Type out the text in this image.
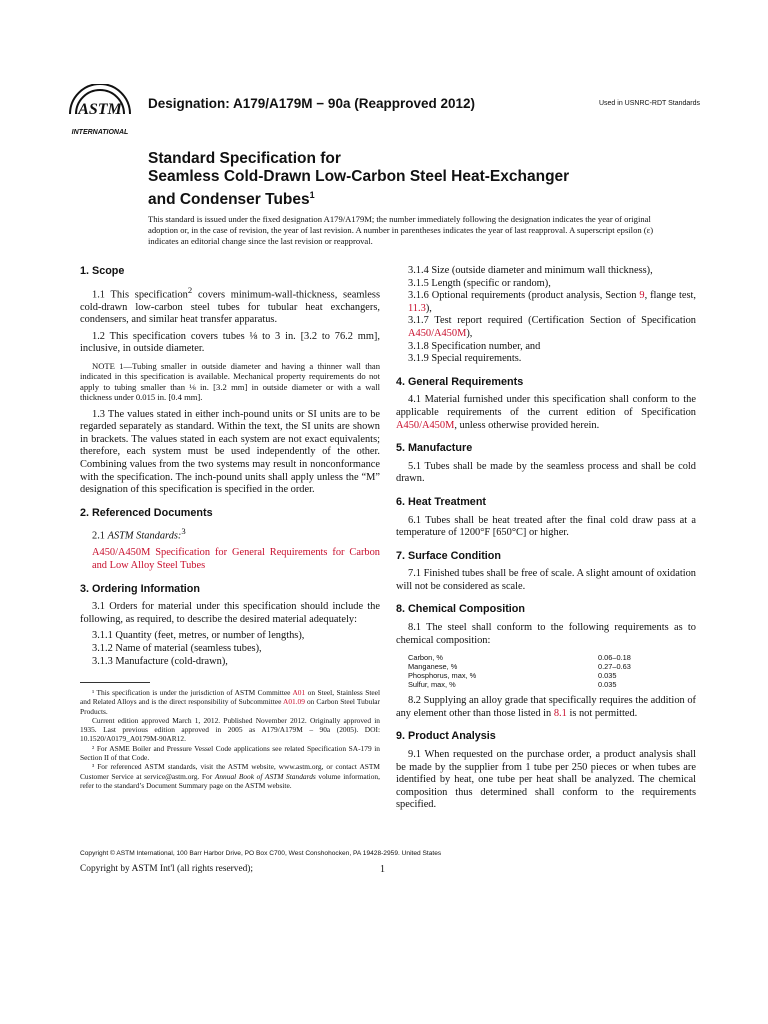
ASTM
INTERNATIONAL
Designation: A179/A179M − 90a (Reapproved 2012)	Used in USNRC-RDT Standards
Standard Specification for
Seamless Cold-Drawn Low-Carbon Steel Heat-Exchanger
and Condenser Tubes$^1$
This standard is issued under the fixed designation A179/A179M; the number immediately following the designation indicates the year of original adoption or, in the case of revision, the year of last revision. A number in parentheses indicates the year of last reapproval. A superscript epsilon (ε) indicates an editorial change since the last revision or reapproval.
1. Scope

1.1 This specification$^2$ covers minimum-wall-thickness, seamless cold-drawn low-carbon steel tubes for tubular heat exchangers, condensers, and similar heat transfer apparatus.

1.2 This specification covers tubes ⅛ to 3 in. [3.2 to 76.2 mm], inclusive, in outside diameter.

NOTE 1—Tubing smaller in outside diameter and having a thinner wall than indicated in this specification is available. Mechanical property requirements do not apply to tubing smaller than ⅛ in. [3.2 mm] in outside diameter or with a wall thickness under 0.015 in. [0.4 mm].

1.3 The values stated in either inch-pound units or SI units are to be regarded separately as standard. Within the text, the SI units are shown in brackets. The values stated in each system are not exact equivalents; therefore, each system must be used independently of the other. Combining values from the two systems may result in nonconformance with the specification. The inch-pound units shall apply unless the “M” designation of this specification is specified in the order.

2. Referenced Documents

2.1 ASTM Standards:$^3$

A450/A450M Specification for General Requirements for Carbon and Low Alloy Steel Tubes

3. Ordering Information

3.1 Orders for material under this specification should include the following, as required, to describe the desired material adequately:

3.1.1 Quantity (feet, metres, or number of lengths),

3.1.2 Name of material (seamless tubes),

3.1.3 Manufacture (cold-drawn),

3.1.4 Size (outside diameter and minimum wall thickness),

3.1.5 Length (specific or random),

3.1.6 Optional requirements (product analysis, Section 9, flange test, 11.3),

3.1.7 Test report required (Certification Section of Specification A450/A450M),

3.1.8 Specification number, and

3.1.9 Special requirements.

4. General Requirements

4.1 Material furnished under this specification shall conform to the applicable requirements of the current edition of Specification A450/A450M, unless otherwise provided herein.

5. Manufacture

5.1 Tubes shall be made by the seamless process and shall be cold drawn.

6. Heat Treatment

6.1 Tubes shall be heat treated after the final cold draw pass at a temperature of 1200°F [650°C] or higher.

7. Surface Condition

7.1 Finished tubes shall be free of scale. A slight amount of oxidation will not be considered as scale.

8. Chemical Composition

8.1 The steel shall conform to the following requirements as to chemical composition:

Carbon, %	0.06–0.18
Manganese, %	0.27–0.63
Phosphorus, max, %	0.035
Sulfur, max, %	0.035

8.2 Supplying an alloy grade that specifically requires the addition of any element other than those listed in 8.1 is not permitted.

9. Product Analysis

9.1 When requested on the purchase order, a product analysis shall be made by the supplier from 1 tube per 250 pieces or when tubes are identified by heat, one tube per heat shall be analyzed. The chemical composition thus determined shall conform to the requirements specified.

¹ This specification is under the jurisdiction of ASTM Committee A01 on Steel, Stainless Steel and Related Alloys and is the direct responsibility of Subcommittee A01.09 on Carbon Steel Tubular Products.

Current edition approved March 1, 2012. Published November 2012. Originally approved in 1935. Last previous edition approved in 2005 as A179/A179M – 90a (2005). DOI: 10.1520/A0179_A0179M-90AR12.

² For ASME Boiler and Pressure Vessel Code applications see related Specification SA-179 in Section II of that Code.

³ For referenced ASTM standards, visit the ASTM website, www.astm.org, or contact ASTM Customer Service at service@astm.org. For Annual Book of ASTM Standards volume information, refer to the standard’s Document Summary page on the ASTM website.

Copyright © ASTM International, 100 Barr Harbor Drive, PO Box C700, West Conshohocken, PA 19428-2959. United States
Copyright by ASTM Int'l (all rights reserved);	1
